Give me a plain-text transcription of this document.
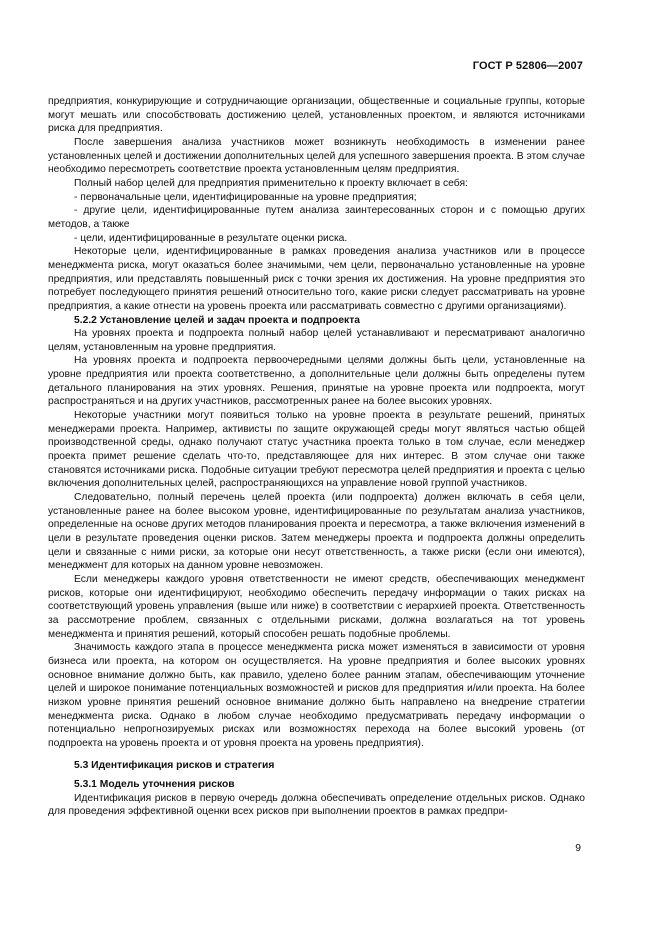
ГОСТ Р 52806—2007

предприятия, конкурирующие и сотрудничающие организации, общественные и социальные группы, которые могут мешать или способствовать достижению целей, установленных проектом, и являются источниками риска для предприятия.

После завершения анализа участников может возникнуть необходимость в изменении ранее установленных целей и достижении дополнительных целей для успешного завершения проекта. В этом случае необходимо пересмотреть соответствие проекта установленным целям предприятия.

Полный набор целей для предприятия применительно к проекту включает в себя:

- первоначальные цели, идентифицированные на уровне предприятия;

- другие цели, идентифицированные путем анализа заинтересованных сторон и с помощью других методов, а также

- цели, идентифицированные в результате оценки риска.

Некоторые цели, идентифицированные в рамках проведения анализа участников или в процессе менеджмента риска, могут оказаться более значимыми, чем цели, первоначально установленные на уровне предприятия, или представлять повышенный риск с точки зрения их достижения. На уровне предприятия это потребует последующего принятия решений относительно того, какие риски следует рассматривать на уровне предприятия, а какие отнести на уровень проекта или рассматривать совместно с другими организациями).

5.2.2 Установление целей и задач проекта и подпроекта

На уровнях проекта и подпроекта полный набор целей устанавливают и пересматривают аналогично целям, установленным на уровне предприятия.

На уровнях проекта и подпроекта первоочередными целями должны быть цели, установленные на уровне предприятия или проекта соответственно, а дополнительные цели должны быть определены путем детального планирования на этих уровнях. Решения, принятые на уровне проекта или подпроекта, могут распространяться и на других участников, рассмотренных ранее на более высоких уровнях.

Некоторые участники могут появиться только на уровне проекта в результате решений, принятых менеджерами проекта. Например, активисты по защите окружающей среды могут являться частью общей производственной среды, однако получают статус участника проекта только в том случае, если менеджер проекта примет решение сделать что-то, представляющее для них интерес. В этом случае они также становятся источниками риска. Подобные ситуации требуют пересмотра целей предприятия и проекта с целью включения дополнительных целей, распространяющихся на управление новой группой участников.

Следовательно, полный перечень целей проекта (или подпроекта) должен включать в себя цели, установленные ранее на более высоком уровне, идентифицированные по результатам анализа участников, определенные на основе других методов планирования проекта и пересмотра, а также включения изменений в цели в результате проведения оценки рисков. Затем менеджеры проекта и подпроекта должны определить цели и связанные с ними риски, за которые они несут ответственность, а также риски (если они имеются), менеджмент для которых на данном уровне невозможен.

Если менеджеры каждого уровня ответственности не имеют средств, обеспечивающих менеджмент рисков, которые они идентифицируют, необходимо обеспечить передачу информации о таких рисках на соответствующий уровень управления (выше или ниже) в соответствии с иерархией проекта. Ответственность за рассмотрение проблем, связанных с отдельными рисками, должна возлагаться на тот уровень менеджмента и принятия решений, который способен решать подобные проблемы.

Значимость каждого этапа в процессе менеджмента риска может изменяться в зависимости от уровня бизнеса или проекта, на котором он осуществляется. На уровне предприятия и более высоких уровнях основное внимание должно быть, как правило, уделено более ранним этапам, обеспечивающим уточнение целей и широкое понимание потенциальных возможностей и рисков для предприятия и/или проекта. На более низком уровне принятия решений основное внимание должно быть направлено на внедрение стратегии менеджмента риска. Однако в любом случае необходимо предусматривать передачу информации о потенциально непрогнозируемых рисках или возможностях перехода на более высокий уровень (от подпроекта на уровень проекта и от уровня проекта на уровень предприятия).

5.3 Идентификация рисков и стратегия
5.3.1 Модель уточнения рисков

Идентификация рисков в первую очередь должна обеспечивать определение отдельных рисков. Однако для проведения эффективной оценки всех рисков при выполнении проектов в рамках предпри-

9
